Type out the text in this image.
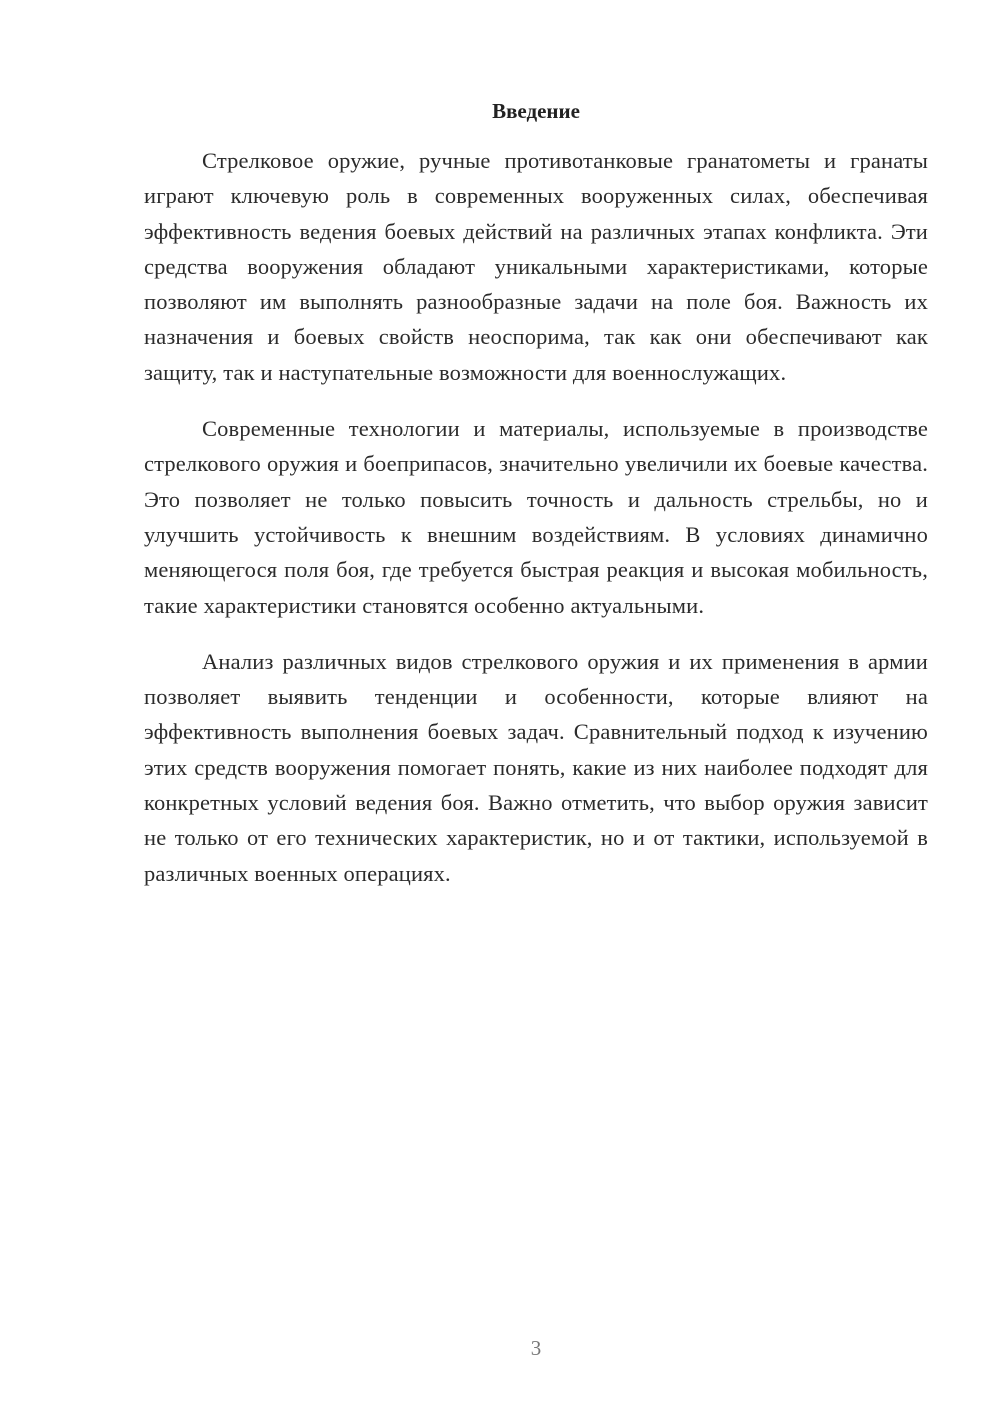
Введение

Стрелковое оружие, ручные противотанковые гранатометы и гранаты играют ключевую роль в современных вооруженных силах, обеспечивая эффективность ведения боевых действий на различных этапах конфликта. Эти средства вооружения обладают уникальными характеристиками, которые позволяют им выполнять разнообразные задачи на поле боя. Важность их назначения и боевых свойств неоспорима, так как они обеспечивают как защиту, так и наступательные возможности для военнослужащих.

Современные технологии и материалы, используемые в производстве стрелкового оружия и боеприпасов, значительно увеличили их боевые качества. Это позволяет не только повысить точность и дальность стрельбы, но и улучшить устойчивость к внешним воздействиям. В условиях динамично меняющегося поля боя, где требуется быстрая реакция и высокая мобильность, такие характеристики становятся особенно актуальными.

Анализ различных видов стрелкового оружия и их применения в армии позволяет выявить тенденции и особенности, которые влияют на эффективность выполнения боевых задач. Сравнительный подход к изучению этих средств вооружения помогает понять, какие из них наиболее подходят для конкретных условий ведения боя. Важно отметить, что выбор оружия зависит не только от его технических характеристик, но и от тактики, используемой в различных военных операциях.

3
